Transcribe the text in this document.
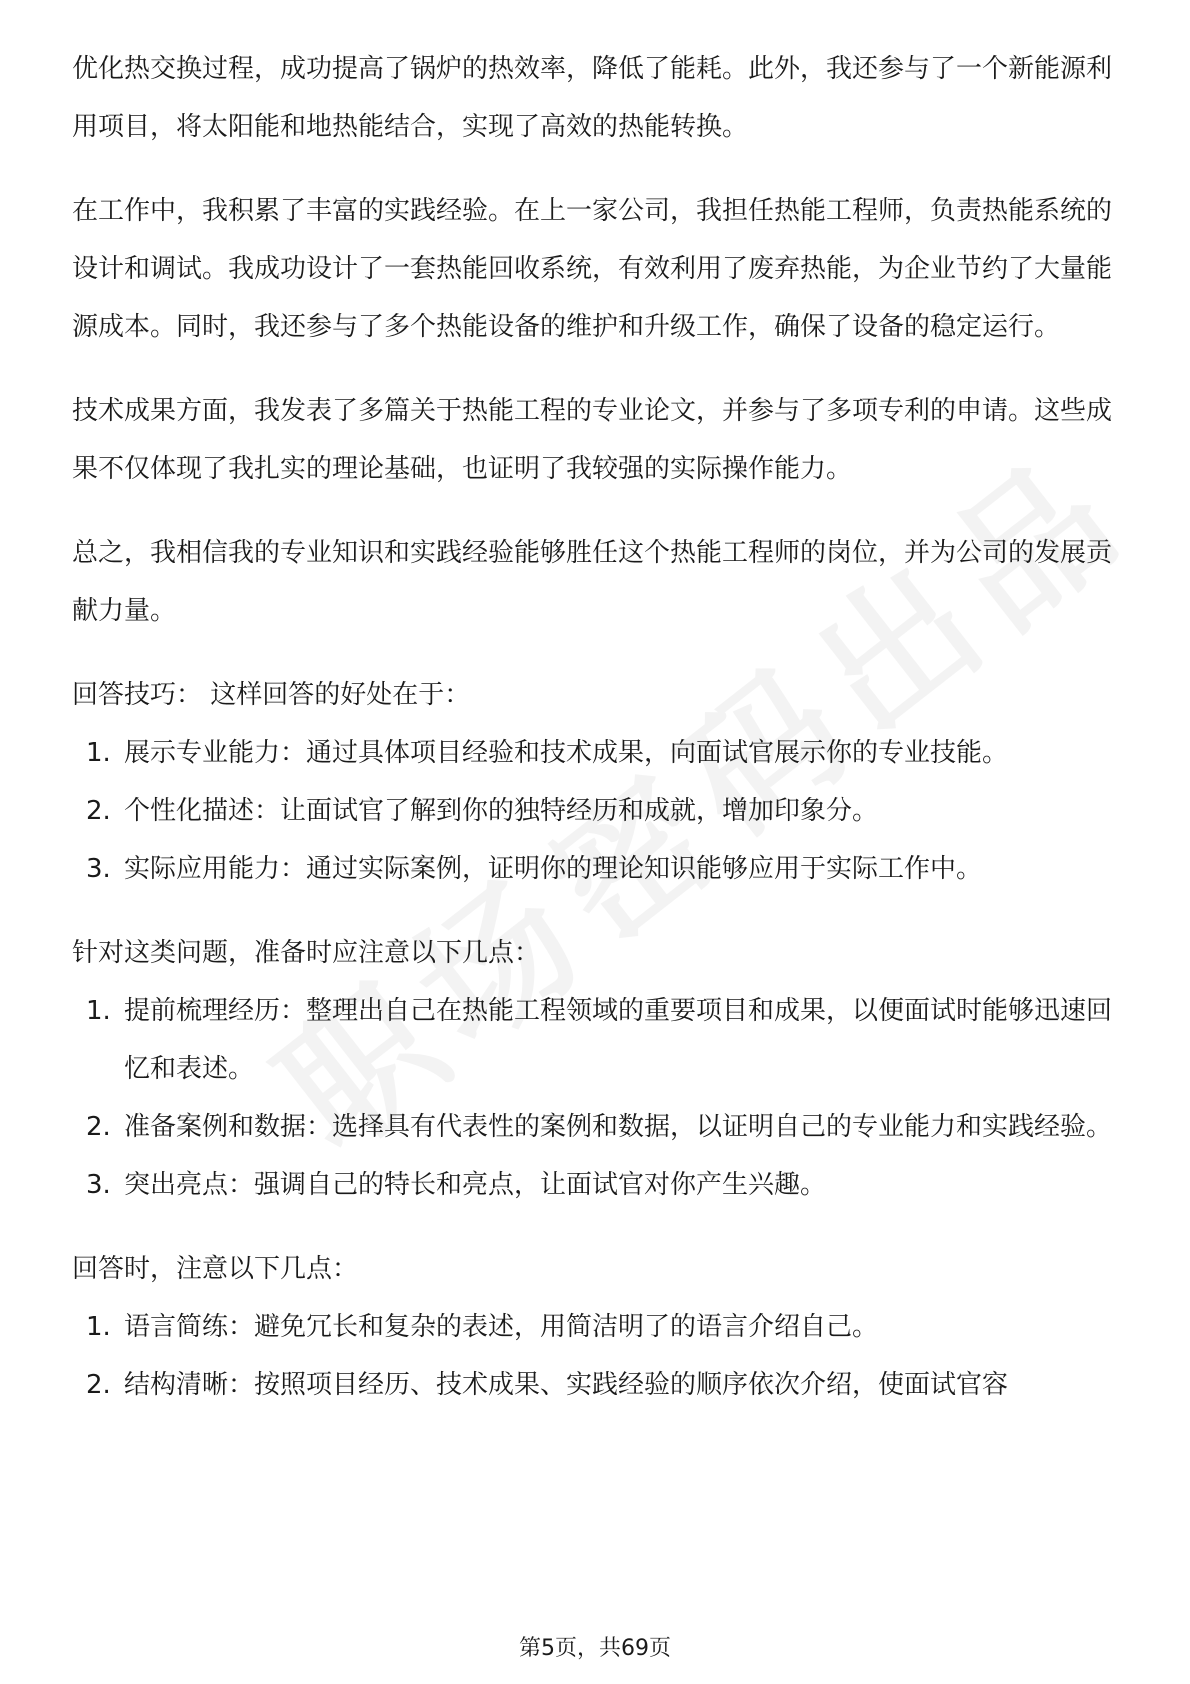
优化热交换过程，成功提高了锅炉的热效率，降低了能耗。此外，我还参与了一个新能源利用项目，将太阳能和地热能结合，实现了高效的热能转换。

在工作中，我积累了丰富的实践经验。在上一家公司，我担任热能工程师，负责热能系统的设计和调试。我成功设计了一套热能回收系统，有效利用了废弃热能，为企业节约了大量能源成本。同时，我还参与了多个热能设备的维护和升级工作，确保了设备的稳定运行。

技术成果方面，我发表了多篇关于热能工程的专业论文，并参与了多项专利的申请。这些成果不仅体现了我扎实的理论基础，也证明了我较强的实际操作能力。

总之，我相信我的专业知识和实践经验能够胜任这个热能工程师的岗位，并为公司的发展贡献力量。

回答技巧： 这样回答的好处在于：

1. 展示专业能力：通过具体项目经验和技术成果，向面试官展示你的专业技能。
2. 个性化描述：让面试官了解到你的独特经历和成就，增加印象分。
3. 实际应用能力：通过实际案例，证明你的理论知识能够应用于实际工作中。

针对这类问题，准备时应注意以下几点：

1. 提前梳理经历：整理出自己在热能工程领域的重要项目和成果，以便面试时能够迅速回忆和表述。
2. 准备案例和数据：选择具有代表性的案例和数据，以证明自己的专业能力和实践经验。
3. 突出亮点：强调自己的特长和亮点，让面试官对你产生兴趣。

回答时，注意以下几点：

1. 语言简练：避免冗长和复杂的表述，用简洁明了的语言介绍自己。
2. 结构清晰：按照项目经历、技术成果、实践经验的顺序依次介绍，使面试官容
第5页，共69页
